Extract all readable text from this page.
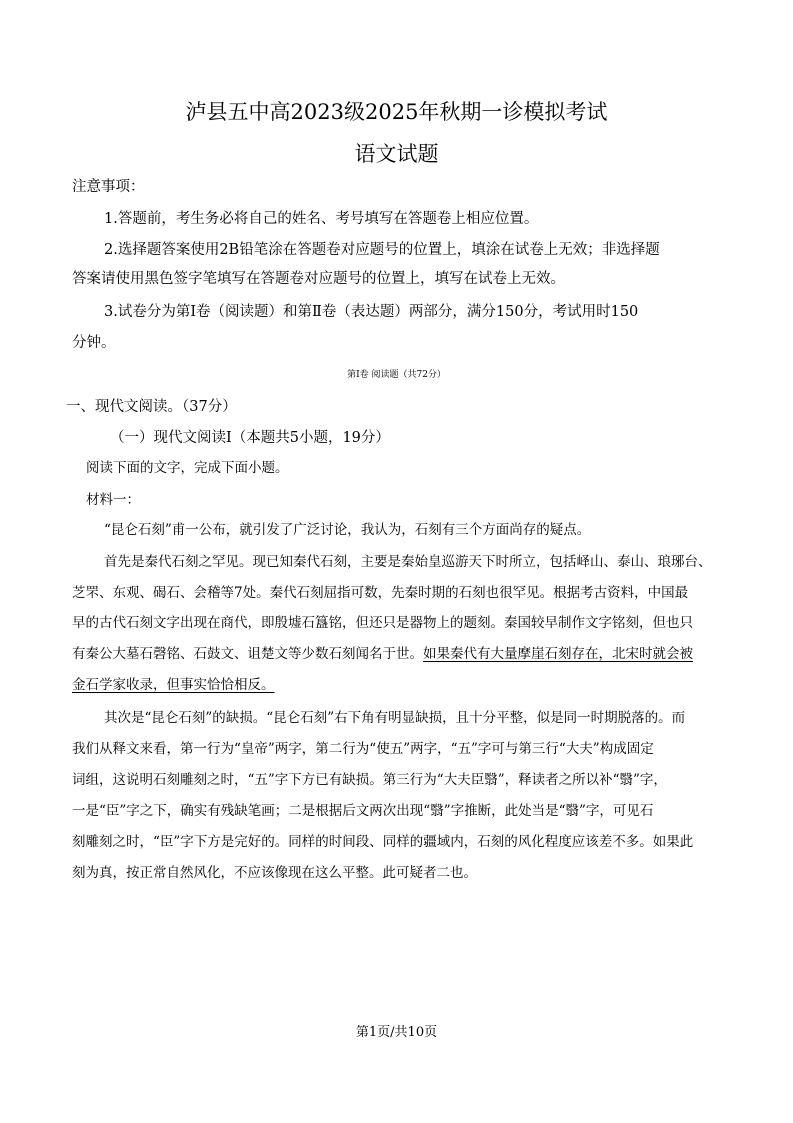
泸县五中高2023级2025年秋期一诊模拟考试
语文试题
注意事项：
1.答题前，考生务必将自己的姓名、考号填写在答题卷上相应位置。
2.选择题答案使用2B铅笔涂在答题卷对应题号的位置上，填涂在试卷上无效；非选择题
答案请使用黑色签字笔填写在答题卷对应题号的位置上，填写在试卷上无效。
3.试卷分为第Ⅰ卷（阅读题）和第Ⅱ卷（表达题）两部分，满分150分，考试用时150
分钟。
第Ⅰ卷 阅读题（共72分）
一、现代文阅读。（37分）
（一）现代文阅读Ⅰ（本题共5小题，19分）
阅读下面的文字，完成下面小题。
材料一：
“昆仑石刻”甫一公布，就引发了广泛讨论，我认为，石刻有三个方面尚存的疑点。
首先是秦代石刻之罕见。现已知秦代石刻，主要是秦始皇巡游天下时所立，包括峄山、泰山、琅琊台、
芝罘、东观、碣石、会稽等7处。秦代石刻屈指可数，先秦时期的石刻也很罕见。根据考古资料，中国最
早的古代石刻文字出现在商代，即殷墟石簋铭，但还只是器物上的题刻。秦国较早制作文字铭刻，但也只
有秦公大墓石磬铭、石鼓文、诅楚文等少数石刻闻名于世。如果秦代有大量摩崖石刻存在，北宋时就会被
金石学家收录，但事实恰恰相反。
其次是“昆仑石刻”的缺损。“昆仑石刻”右下角有明显缺损，且十分平整，似是同一时期脱落的。而
我们从释文来看，第一行为“皇帝”两字，第二行为“使五”两字，“五”字可与第三行“大夫”构成固定
词组，这说明石刻雕刻之时，“五”字下方已有缺损。第三行为“大夫臣翳”，释读者之所以补“翳”字，
一是“臣”字之下，确实有残缺笔画；二是根据后文两次出现“翳”字推断，此处当是“翳”字，可见石
刻雕刻之时，“臣”字下方是完好的。同样的时间段、同样的疆域内，石刻的风化程度应该差不多。如果此
刻为真，按正常自然风化，不应该像现在这么平整。此可疑者二也。
第1页/共10页
